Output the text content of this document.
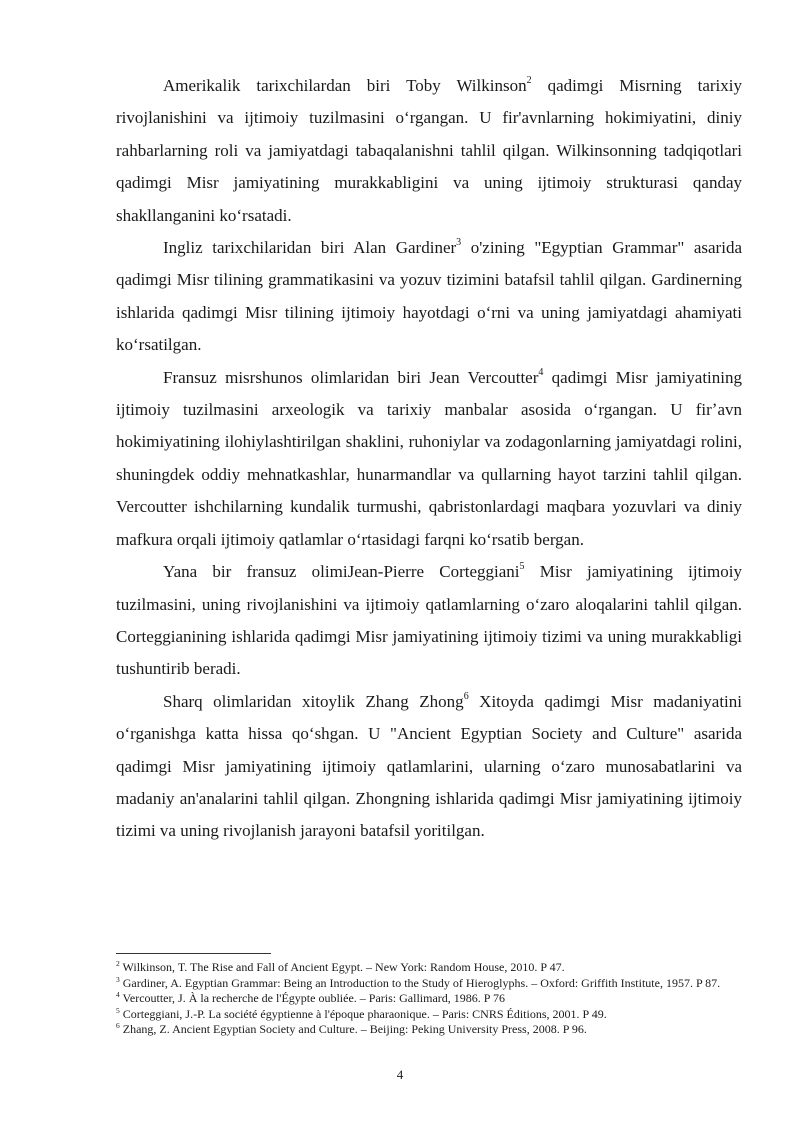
Amerikalik tarixchilardan biri Toby Wilkinson$^2$ qadimgi Misrning tarixiy rivojlanishini va ijtimoiy tuzilmasini oʻrgangan. U fir'avnlarning hokimiyatini, diniy rahbarlarning roli va jamiyatdagi tabaqalanishni tahlil qilgan. Wilkinsonning tadqiqotlari qadimgi Misr jamiyatining murakkabligini va uning ijtimoiy strukturasi qanday shakllanganini koʻrsatadi.

Ingliz tarixchilaridan biri Alan Gardiner$^3$ o'zining "Egyptian Grammar" asarida qadimgi Misr tilining grammatikasini va yozuv tizimini batafsil tahlil qilgan. Gardinerning ishlarida qadimgi Misr tilining ijtimoiy hayotdagi oʻrni va uning jamiyatdagi ahamiyati koʻrsatilgan.

Fransuz misrshunos olimlaridan biri Jean Vercoutter$^4$ qadimgi Misr jamiyatining ijtimoiy tuzilmasini arxeologik va tarixiy manbalar asosida oʻrgangan. U firʼavn hokimiyatining ilohiylashtirilgan shaklini, ruhoniylar va zodagonlarning jamiyatdagi rolini, shuningdek oddiy mehnatkashlar, hunarmandlar va qullarning hayot tarzini tahlil qilgan. Vercoutter ishchilarning kundalik turmushi, qabristonlardagi maqbara yozuvlari va diniy mafkura orqali ijtimoiy qatlamlar oʻrtasidagi farqni koʻrsatib bergan.

Yana bir fransuz olimiJean-Pierre Corteggiani$^5$ Misr jamiyatining ijtimoiy tuzilmasini, uning rivojlanishini va ijtimoiy qatlamlarning oʻzaro aloqalarini tahlil qilgan. Corteggianining ishlarida qadimgi Misr jamiyatining ijtimoiy tizimi va uning murakkabligi tushuntirib beradi.

Sharq olimlaridan xitoylik Zhang Zhong$^6$ Xitoyda qadimgi Misr madaniyatini oʻrganishga katta hissa qoʻshgan. U "Ancient Egyptian Society and Culture" asarida qadimgi Misr jamiyatining ijtimoiy qatlamlarini, ularning oʻzaro munosabatlarini va madaniy an'analarini tahlil qilgan. Zhongning ishlarida qadimgi Misr jamiyatining ijtimoiy tizimi va uning rivojlanish jarayoni batafsil yoritilgan.

$^2$ Wilkinson, T. The Rise and Fall of Ancient Egypt. – New York: Random House, 2010. P 47.

$^3$ Gardiner, A. Egyptian Grammar: Being an Introduction to the Study of Hieroglyphs. – Oxford: Griffith Institute, 1957. P 87.

$^4$ Vercoutter, J. À la recherche de l'Égypte oubliée. – Paris: Gallimard, 1986. P 76

$^5$ Corteggiani, J.-P. La société égyptienne à l'époque pharaonique. – Paris: CNRS Éditions, 2001. P 49.

$^6$ Zhang, Z. Ancient Egyptian Society and Culture. – Beijing: Peking University Press, 2008. P 96.

4
